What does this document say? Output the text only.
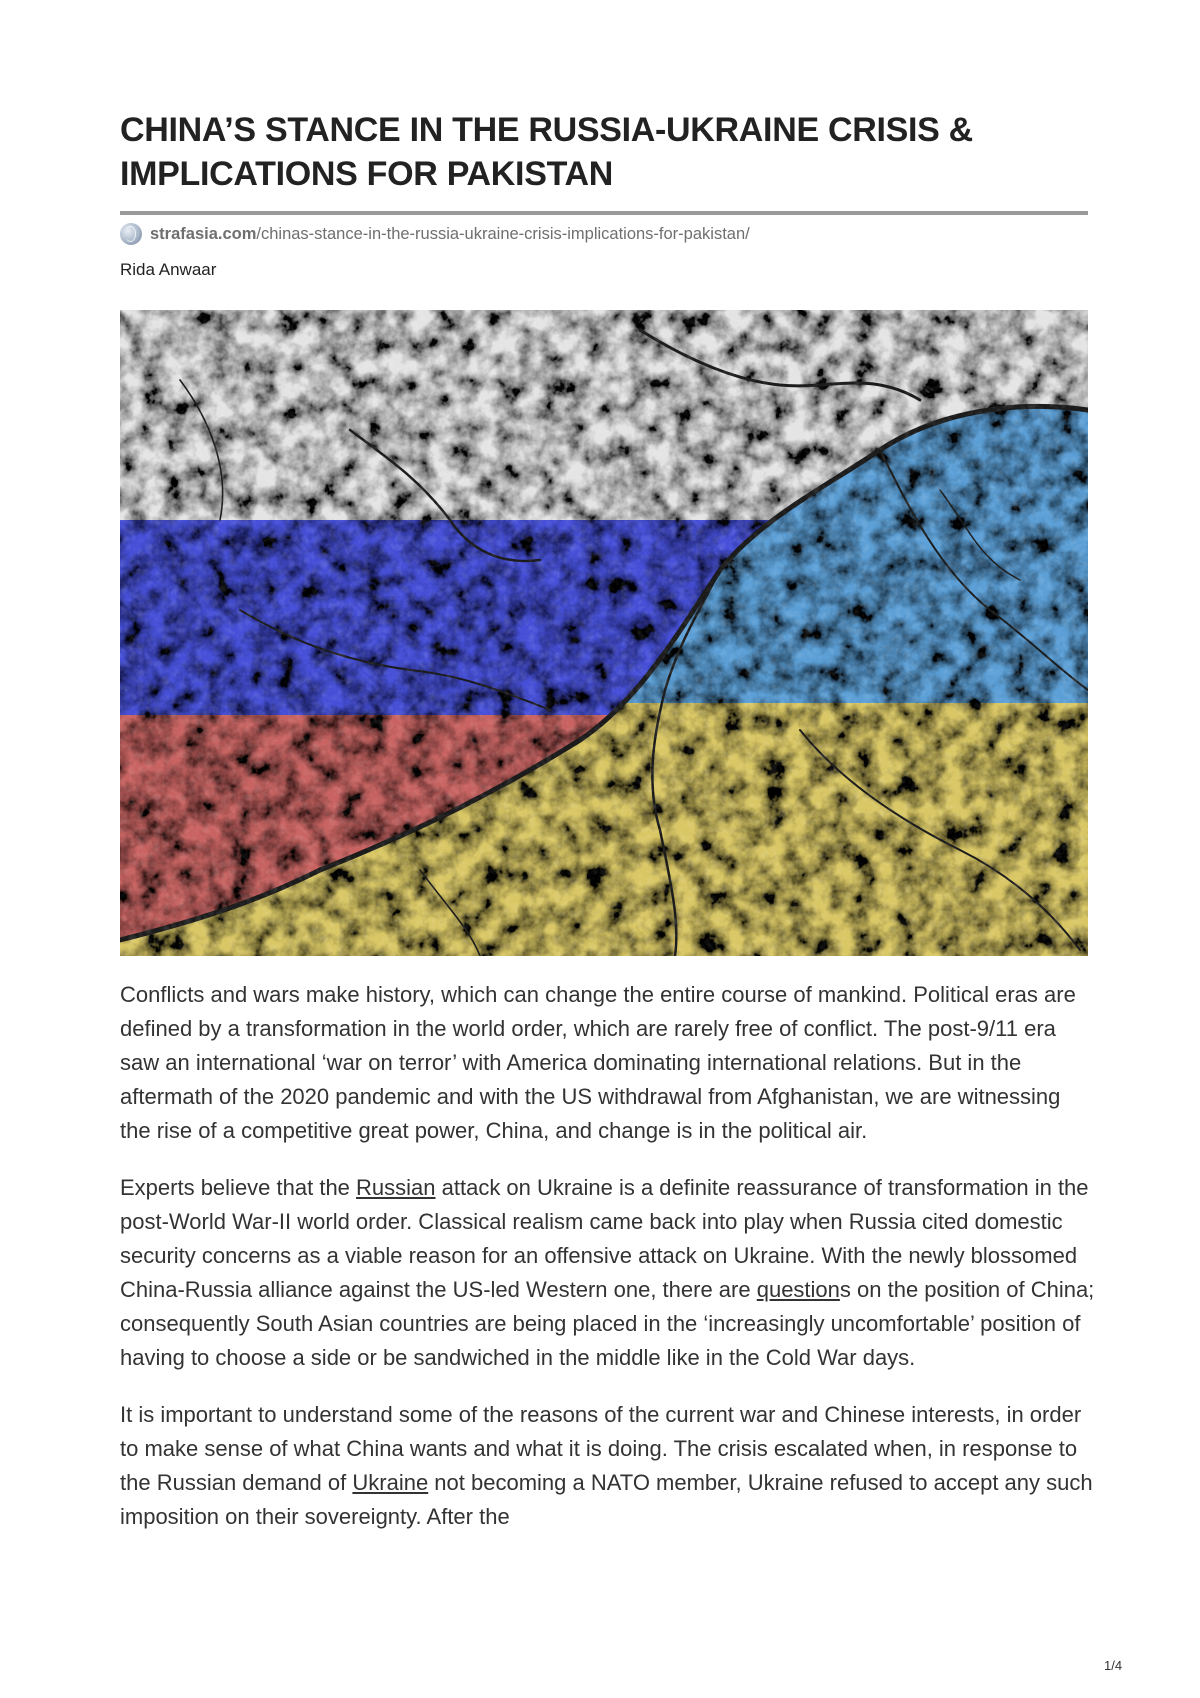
CHINA’S STANCE IN THE RUSSIA-UKRAINE CRISIS & IMPLICATIONS FOR PAKISTAN
strafasia.com/chinas-stance-in-the-russia-ukraine-crisis-implications-for-pakistan/
Rida Anwaar

Conflicts and wars make history, which can change the entire course of mankind. Political eras are defined by a transformation in the world order, which are rarely free of conflict. The post-9/11 era saw an international ‘war on terror’ with America dominating international relations. But in the aftermath of the 2020 pandemic and with the US withdrawal from Afghanistan, we are witnessing the rise of a competitive great power, China, and change is in the political air.

Experts believe that the Russian attack on Ukraine is a definite reassurance of transformation in the post-World War-II world order. Classical realism came back into play when Russia cited domestic security concerns as a viable reason for an offensive attack on Ukraine. With the newly blossomed China-Russia alliance against the US-led Western one, there are questions on the position of China; consequently South Asian countries are being placed in the ‘increasingly uncomfortable’ position of having to choose a side or be sandwiched in the middle like in the Cold War days.

It is important to understand some of the reasons of the current war and Chinese interests, in order to make sense of what China wants and what it is doing. The crisis escalated when, in response to the Russian demand of Ukraine not becoming a NATO member, Ukraine refused to accept any such imposition on their sovereignty. After the

1/4
